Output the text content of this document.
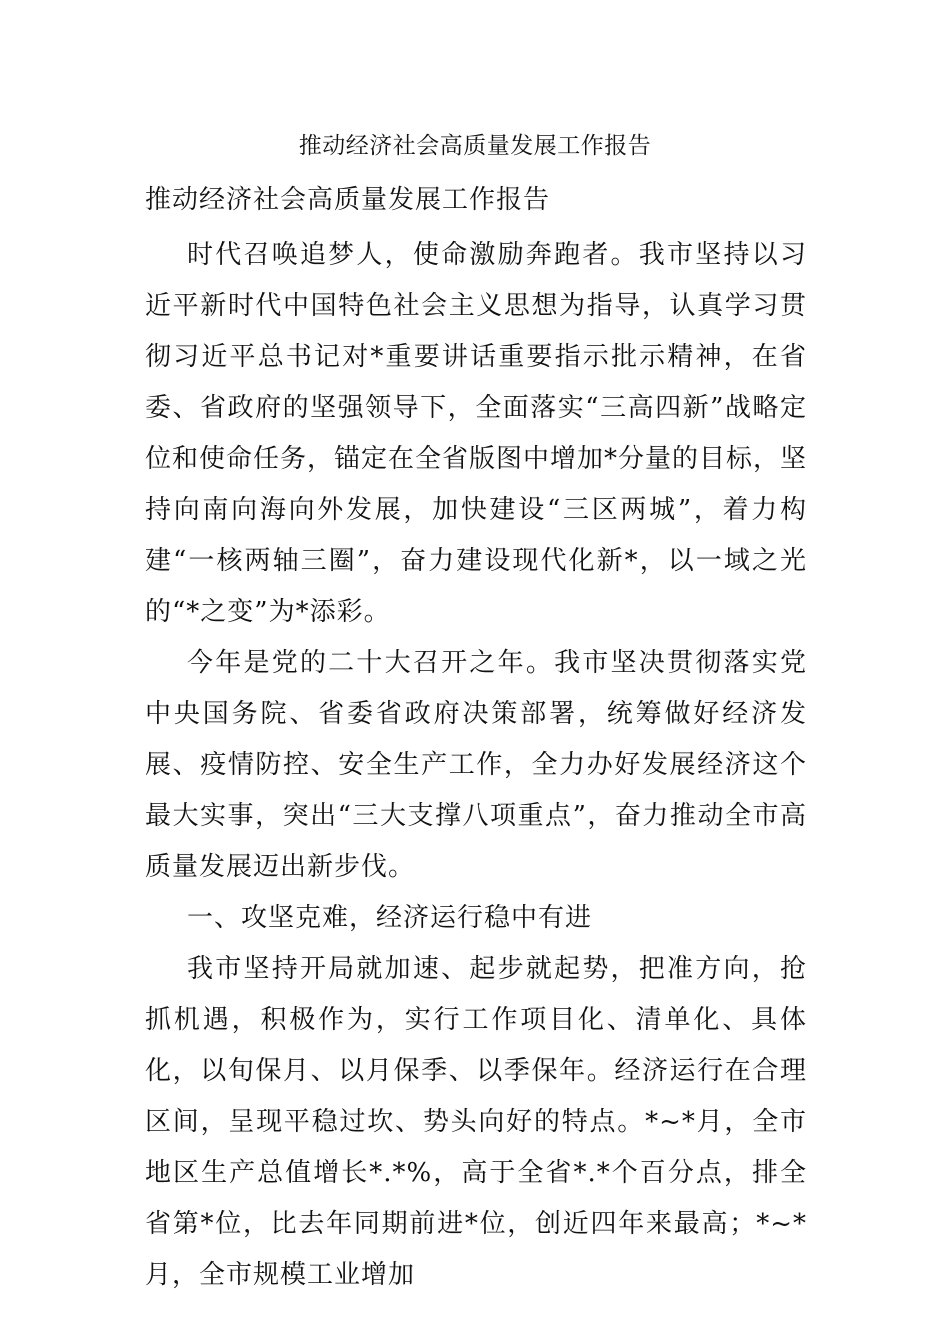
推动经济社会高质量发展工作报告
推动经济社会高质量发展工作报告

时代召唤追梦人，使命激励奔跑者。我市坚持以习近平新时代中国特色社会主义思想为指导，认真学习贯彻习近平总书记对*重要讲话重要指示批示精神，在省委、省政府的坚强领导下，全面落实“三高四新”战略定位和使命任务，锚定在全省版图中增加*分量的目标，坚持向南向海向外发展，加快建设“三区两城”，着力构建“一核两轴三圈”，奋力建设现代化新*，以一域之光的“*之变”为*添彩。

今年是党的二十大召开之年。我市坚决贯彻落实党中央国务院、省委省政府决策部署，统筹做好经济发展、疫情防控、安全生产工作，全力办好发展经济这个最大实事，突出“三大支撑八项重点”，奋力推动全市高质量发展迈出新步伐。

一、攻坚克难，经济运行稳中有进

我市坚持开局就加速、起步就起势，把准方向，抢抓机遇，积极作为，实行工作项目化、清单化、具体化，以旬保月、以月保季、以季保年。经济运行在合理区间，呈现平稳过坎、势头向好的特点。*~*月，全市地区生产总值增长*.*%，高于全省*.*个百分点，排全省第*位，比去年同期前进*位，创近四年来最高；*~*月，全市规模工业增加
